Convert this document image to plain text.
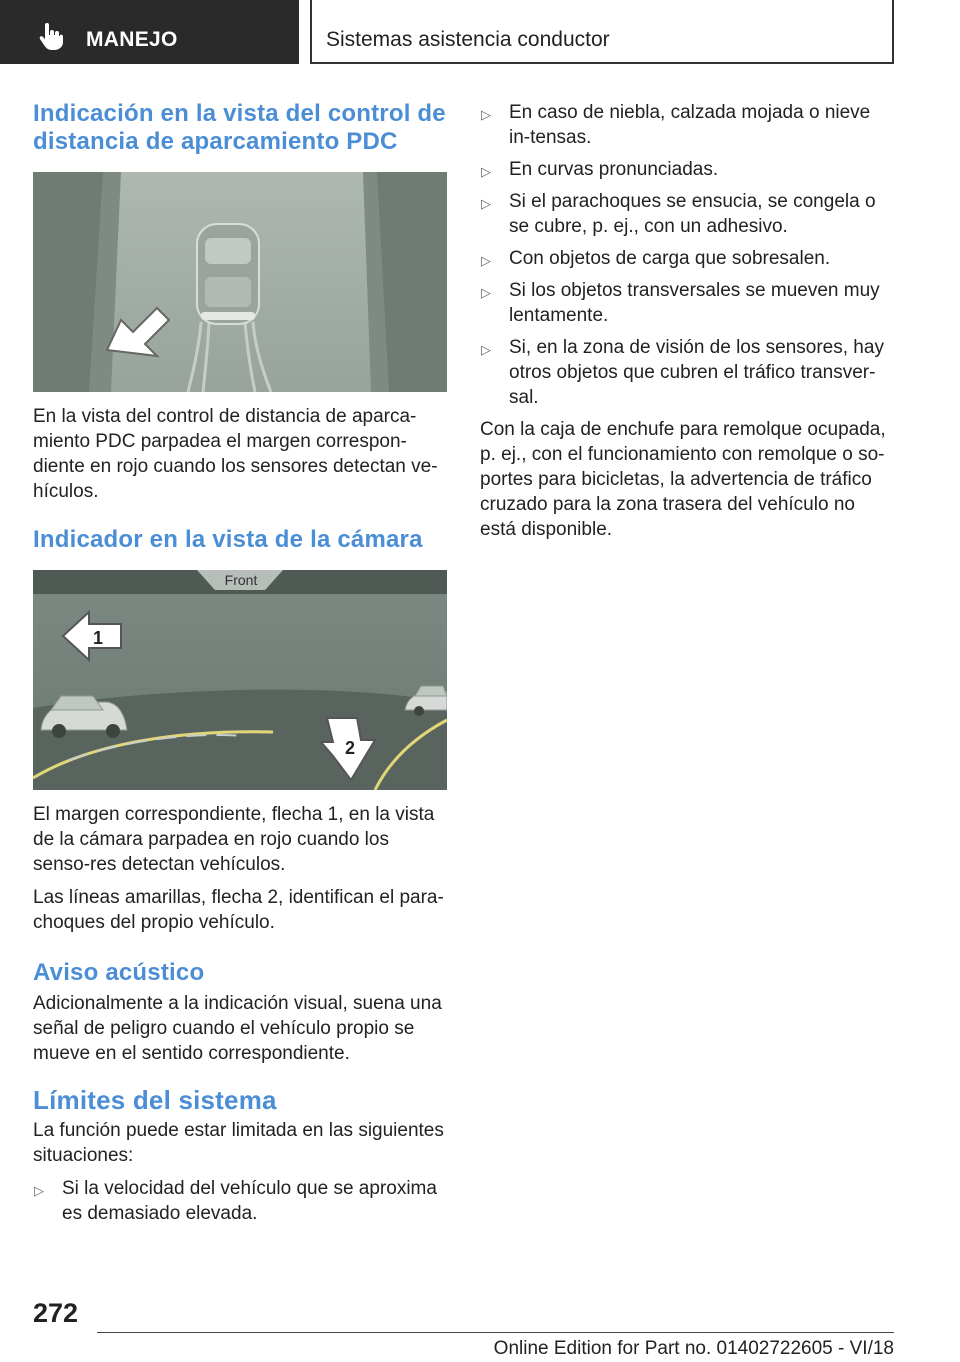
MANEJO	Sistemas asistencia conductor
Indicación en la vista del control de distancia de aparcamiento PDC

En la vista del control de distancia de aparca-miento PDC parpadea el margen correspon-diente en rojo cuando los sensores detectan ve-hículos.

Indicador en la vista de la cámara
Front
1
2

El margen correspondiente, flecha 1, en la vista de la cámara parpadea en rojo cuando los senso-res detectan vehículos.

Las líneas amarillas, flecha 2, identifican el para-choques del propio vehículo.

Aviso acústico

Adicionalmente a la indicación visual, suena una señal de peligro cuando el vehículo propio se mueve en el sentido correspondiente.

Límites del sistema

La función puede estar limitada en las siguientes situaciones:

▷ Si la velocidad del vehículo que se aproxima es demasiado elevada.
▷ En caso de niebla, calzada mojada o nieve in-tensas.
▷ En curvas pronunciadas.
▷ Si el parachoques se ensucia, se congela o se cubre, p. ej., con un adhesivo.
▷ Con objetos de carga que sobresalen.
▷ Si los objetos transversales se mueven muy lentamente.
▷ Si, en la zona de visión de los sensores, hay otros objetos que cubren el tráfico transver-sal.

Con la caja de enchufe para remolque ocupada, p. ej., con el funcionamiento con remolque o so-portes para bicicletas, la advertencia de tráfico cruzado para la zona trasera del vehículo no está disponible.

272
Online Edition for Part no. 01402722605 - VI/18
